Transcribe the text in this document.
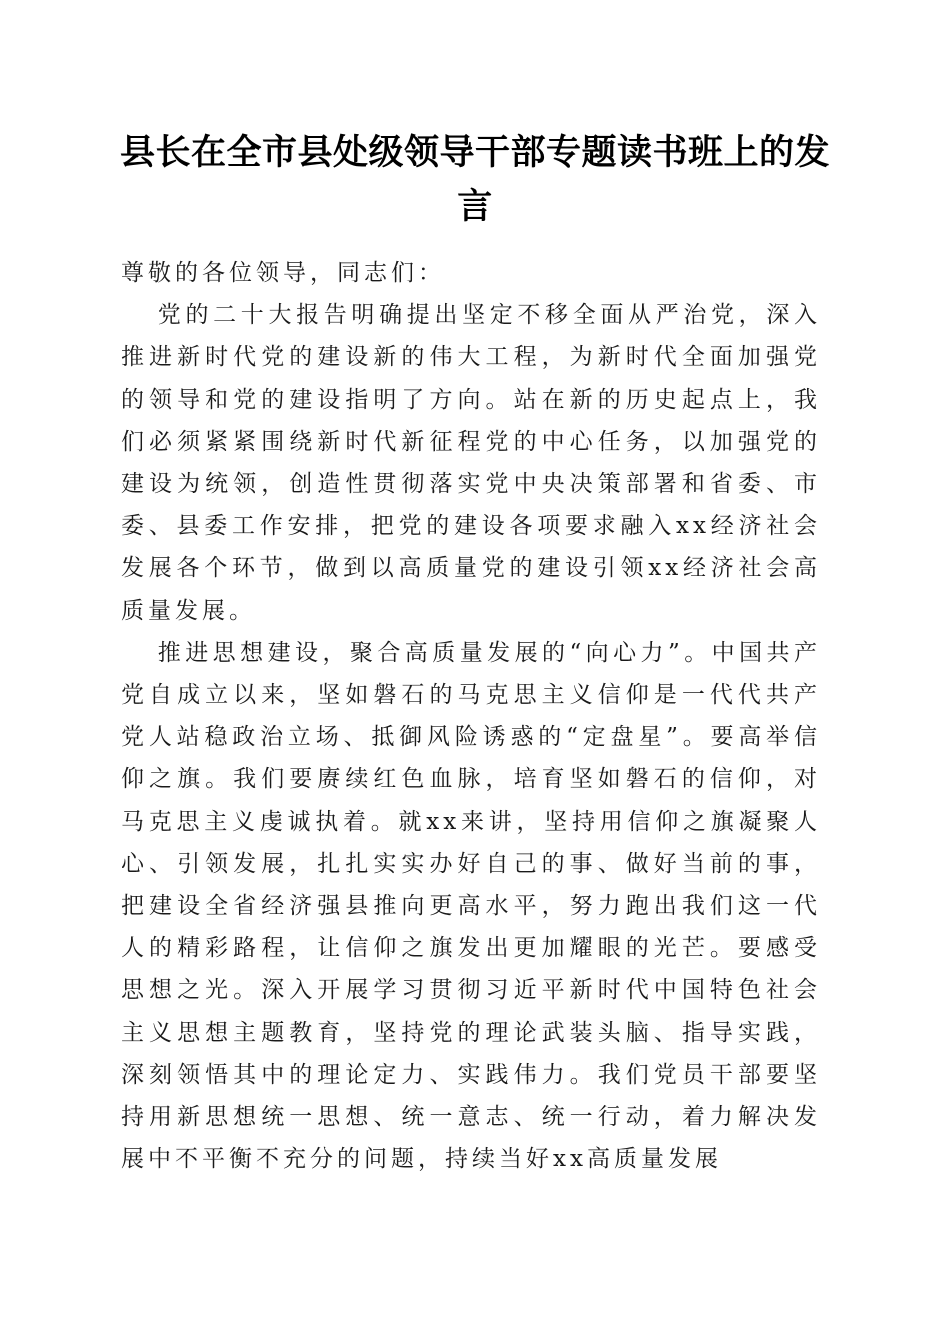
县长在全市县处级领导干部专题读书班上的发言

尊敬的各位领导，同志们：

党的二十大报告明确提出坚定不移全面从严治党，深入推进新时代党的建设新的伟大工程，为新时代全面加强党的领导和党的建设指明了方向。站在新的历史起点上，我们必须紧紧围绕新时代新征程党的中心任务，以加强党的建设为统领，创造性贯彻落实党中央决策部署和省委、市委、县委工作安排，把党的建设各项要求融入xx经济社会发展各个环节，做到以高质量党的建设引领xx经济社会高质量发展。

推进思想建设，聚合高质量发展的“向心力”。中国共产党自成立以来，坚如磐石的马克思主义信仰是一代代共产党人站稳政治立场、抵御风险诱惑的“定盘星”。要高举信仰之旗。我们要赓续红色血脉，培育坚如磐石的信仰，对马克思主义虔诚执着。就xx来讲，坚持用信仰之旗凝聚人心、引领发展，扎扎实实办好自己的事、做好当前的事，把建设全省经济强县推向更高水平，努力跑出我们这一代人的精彩路程，让信仰之旗发出更加耀眼的光芒。要感受思想之光。深入开展学习贯彻习近平新时代中国特色社会主义思想主题教育，坚持党的理论武装头脑、指导实践，深刻领悟其中的理论定力、实践伟力。我们党员干部要坚持用新思想统一思想、统一意志、统一行动，着力解决发展中不平衡不充分的问题，持续当好xx高质量发展
